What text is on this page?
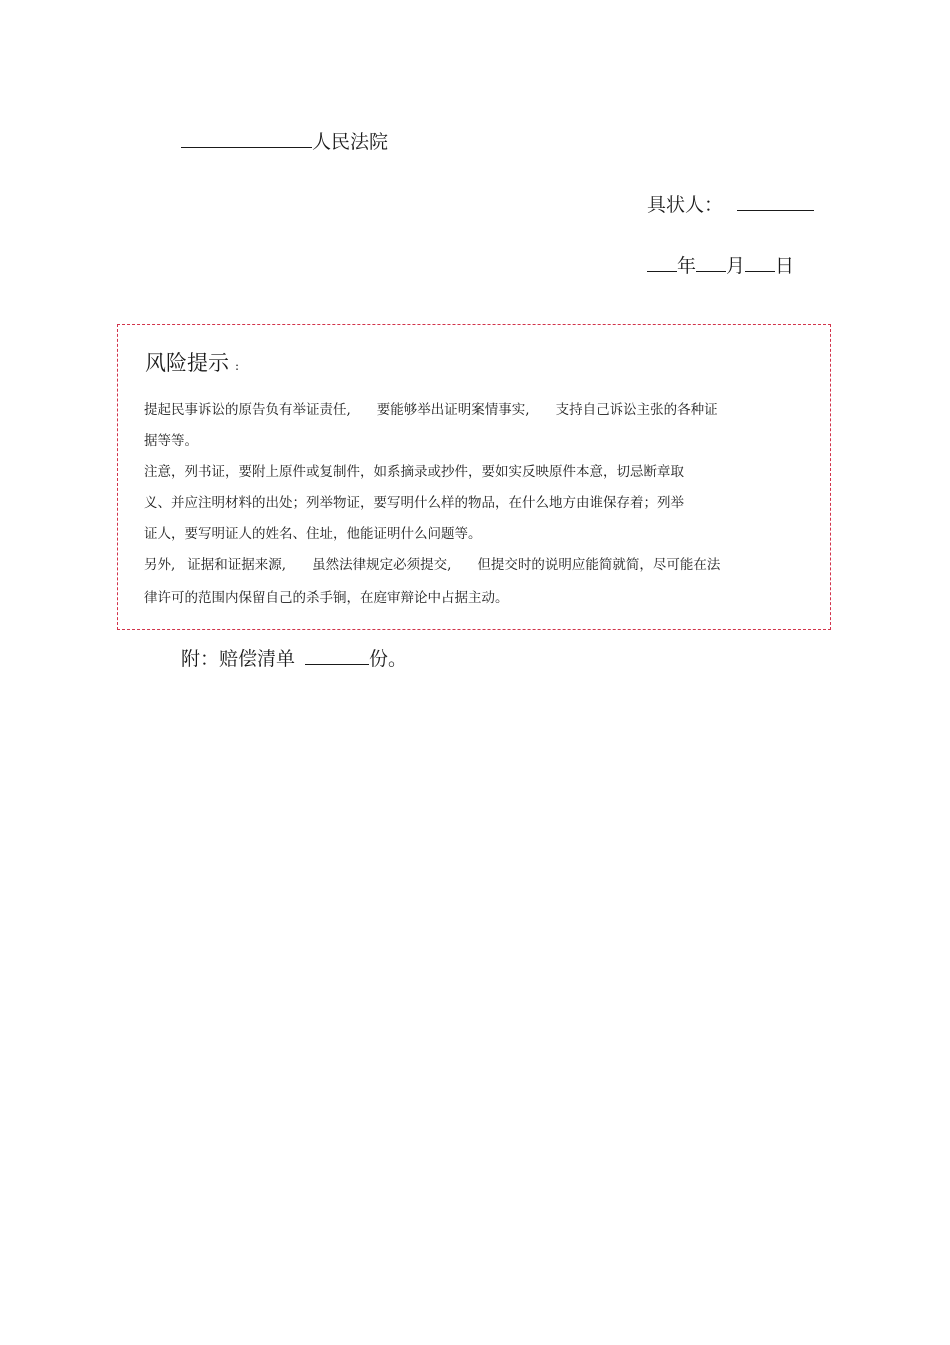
人民法院
具状人：
年 月 日
风险提示 :
提起民事诉讼的原告负有举证责任, 要能够举出证明案情事实, 支持自己诉讼主张的各种证
据等等。
注意，列书证，要附上原件或复制件，如系摘录或抄件，要如实反映原件本意，切忌断章取
义、并应注明材料的出处；列举物证，要写明什么样的物品，在什么地方由谁保存着；列举
证人，要写明证人的姓名、住址，他能证明什么问题等。
另外, 证据和证据来源, 虽然法律规定必须提交, 但提交时的说明应能简就简，尽可能在法
律许可的范围内保留自己的杀手锏，在庭审辩论中占据主动。
附：赔偿清单	份。
